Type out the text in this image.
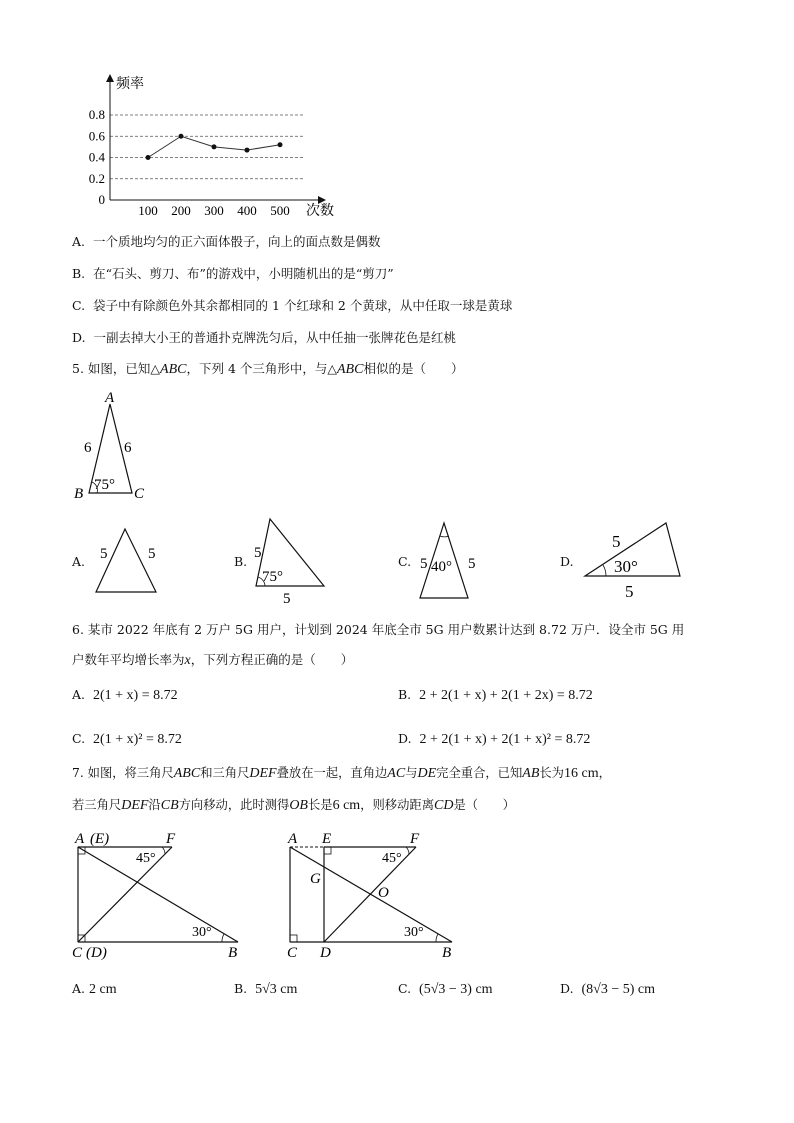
频率
次数
0
0.2
0.4
0.6
0.8
100 200 300 400 500
A. 一个质地均匀的正六面体骰子，向上的面点数是偶数
B. 在“石头、剪刀、布”的游戏中，小明随机出的是“剪刀”
C. 袋子中有除颜色外其余都相同的 1 个红球和 2 个黄球，从中任取一球是黄球
D. 一副去掉大小王的普通扑克牌洗匀后，从中任抽一张牌花色是红桃
5. 如图，已知△ABC，下列 4 个三角形中，与△ABC相似的是（　　）
A
B	C
6 6
75°
A. 5	5	B.
5
75°
5
C. 5 40° 5	D.
5
30°
5
6. 某市 2022 年底有 2 万户 5G 用户，计划到 2024 年底全市 5G 用户数累计达到 8.72 万户．设全市 5G 用
户数年平均增长率为x，下列方程正确的是（　　）
A. 2(1 + x) = 8.72	B. 2 + 2(1 + x) + 2(1 + 2x) = 8.72
C. 2(1 + x)² = 8.72	D. 2 + 2(1 + x) + 2(1 + x)² = 8.72
7. 如图，将三角尺ABC和三角尺DEF叠放在一起，直角边AC与DE完全重合，已知AB长为16 cm，
若三角尺DEF沿CB方向移动，此时测得OB长是6 cm，则移动距离CD是（　　）
A (E)	F
45°
30°
C (D)	B
A E	F
45°
G
O
30°
C D	B
A. 2 cm	B. 5√3 cm	C. (5√3 − 3) cm	D. (8√3 − 5) cm
